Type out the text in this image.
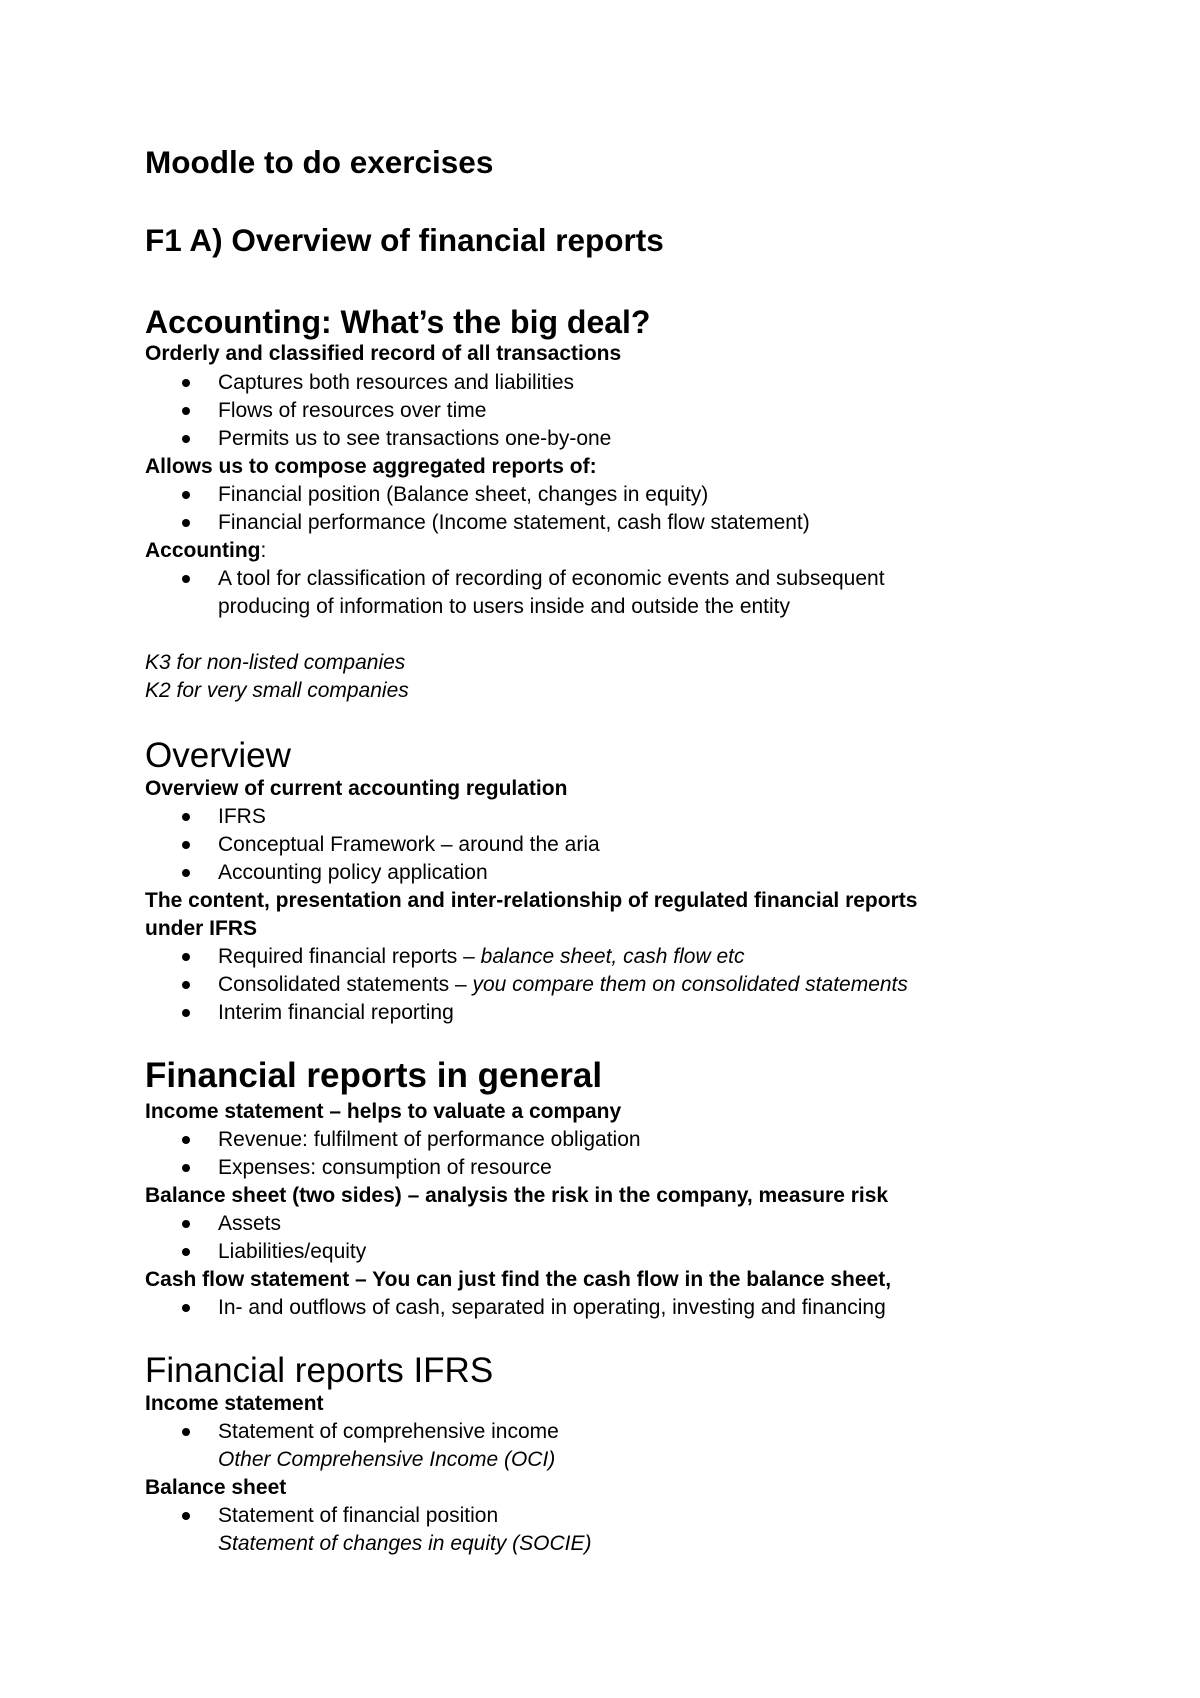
Moodle to do exercises
F1 A) Overview of financial reports
Accounting: What’s the big deal?
Orderly and classified record of all transactions
Captures both resources and liabilities
Flows of resources over time
Permits us to see transactions one-by-one
Allows us to compose aggregated reports of:
Financial position (Balance sheet, changes in equity)
Financial performance (Income statement, cash flow statement)
Accounting:
A tool for classification of recording of economic events and subsequent
producing of information to users inside and outside the entity
K3 for non-listed companies
K2 for very small companies
Overview
Overview of current accounting regulation
IFRS
Conceptual Framework – around the aria
Accounting policy application
The content, presentation and inter-relationship of regulated financial reports
under IFRS
Required financial reports – balance sheet, cash flow etc
Consolidated statements – you compare them on consolidated statements
Interim financial reporting
Financial reports in general
Income statement – helps to valuate a company
Revenue: fulfilment of performance obligation
Expenses: consumption of resource
Balance sheet (two sides) – analysis the risk in the company, measure risk
Assets
Liabilities/equity
Cash flow statement – You can just find the cash flow in the balance sheet,
In- and outflows of cash, separated in operating, investing and financing
Financial reports IFRS
Income statement
Statement of comprehensive income
Other Comprehensive Income (OCI)
Balance sheet
Statement of financial position
Statement of changes in equity (SOCIE)
